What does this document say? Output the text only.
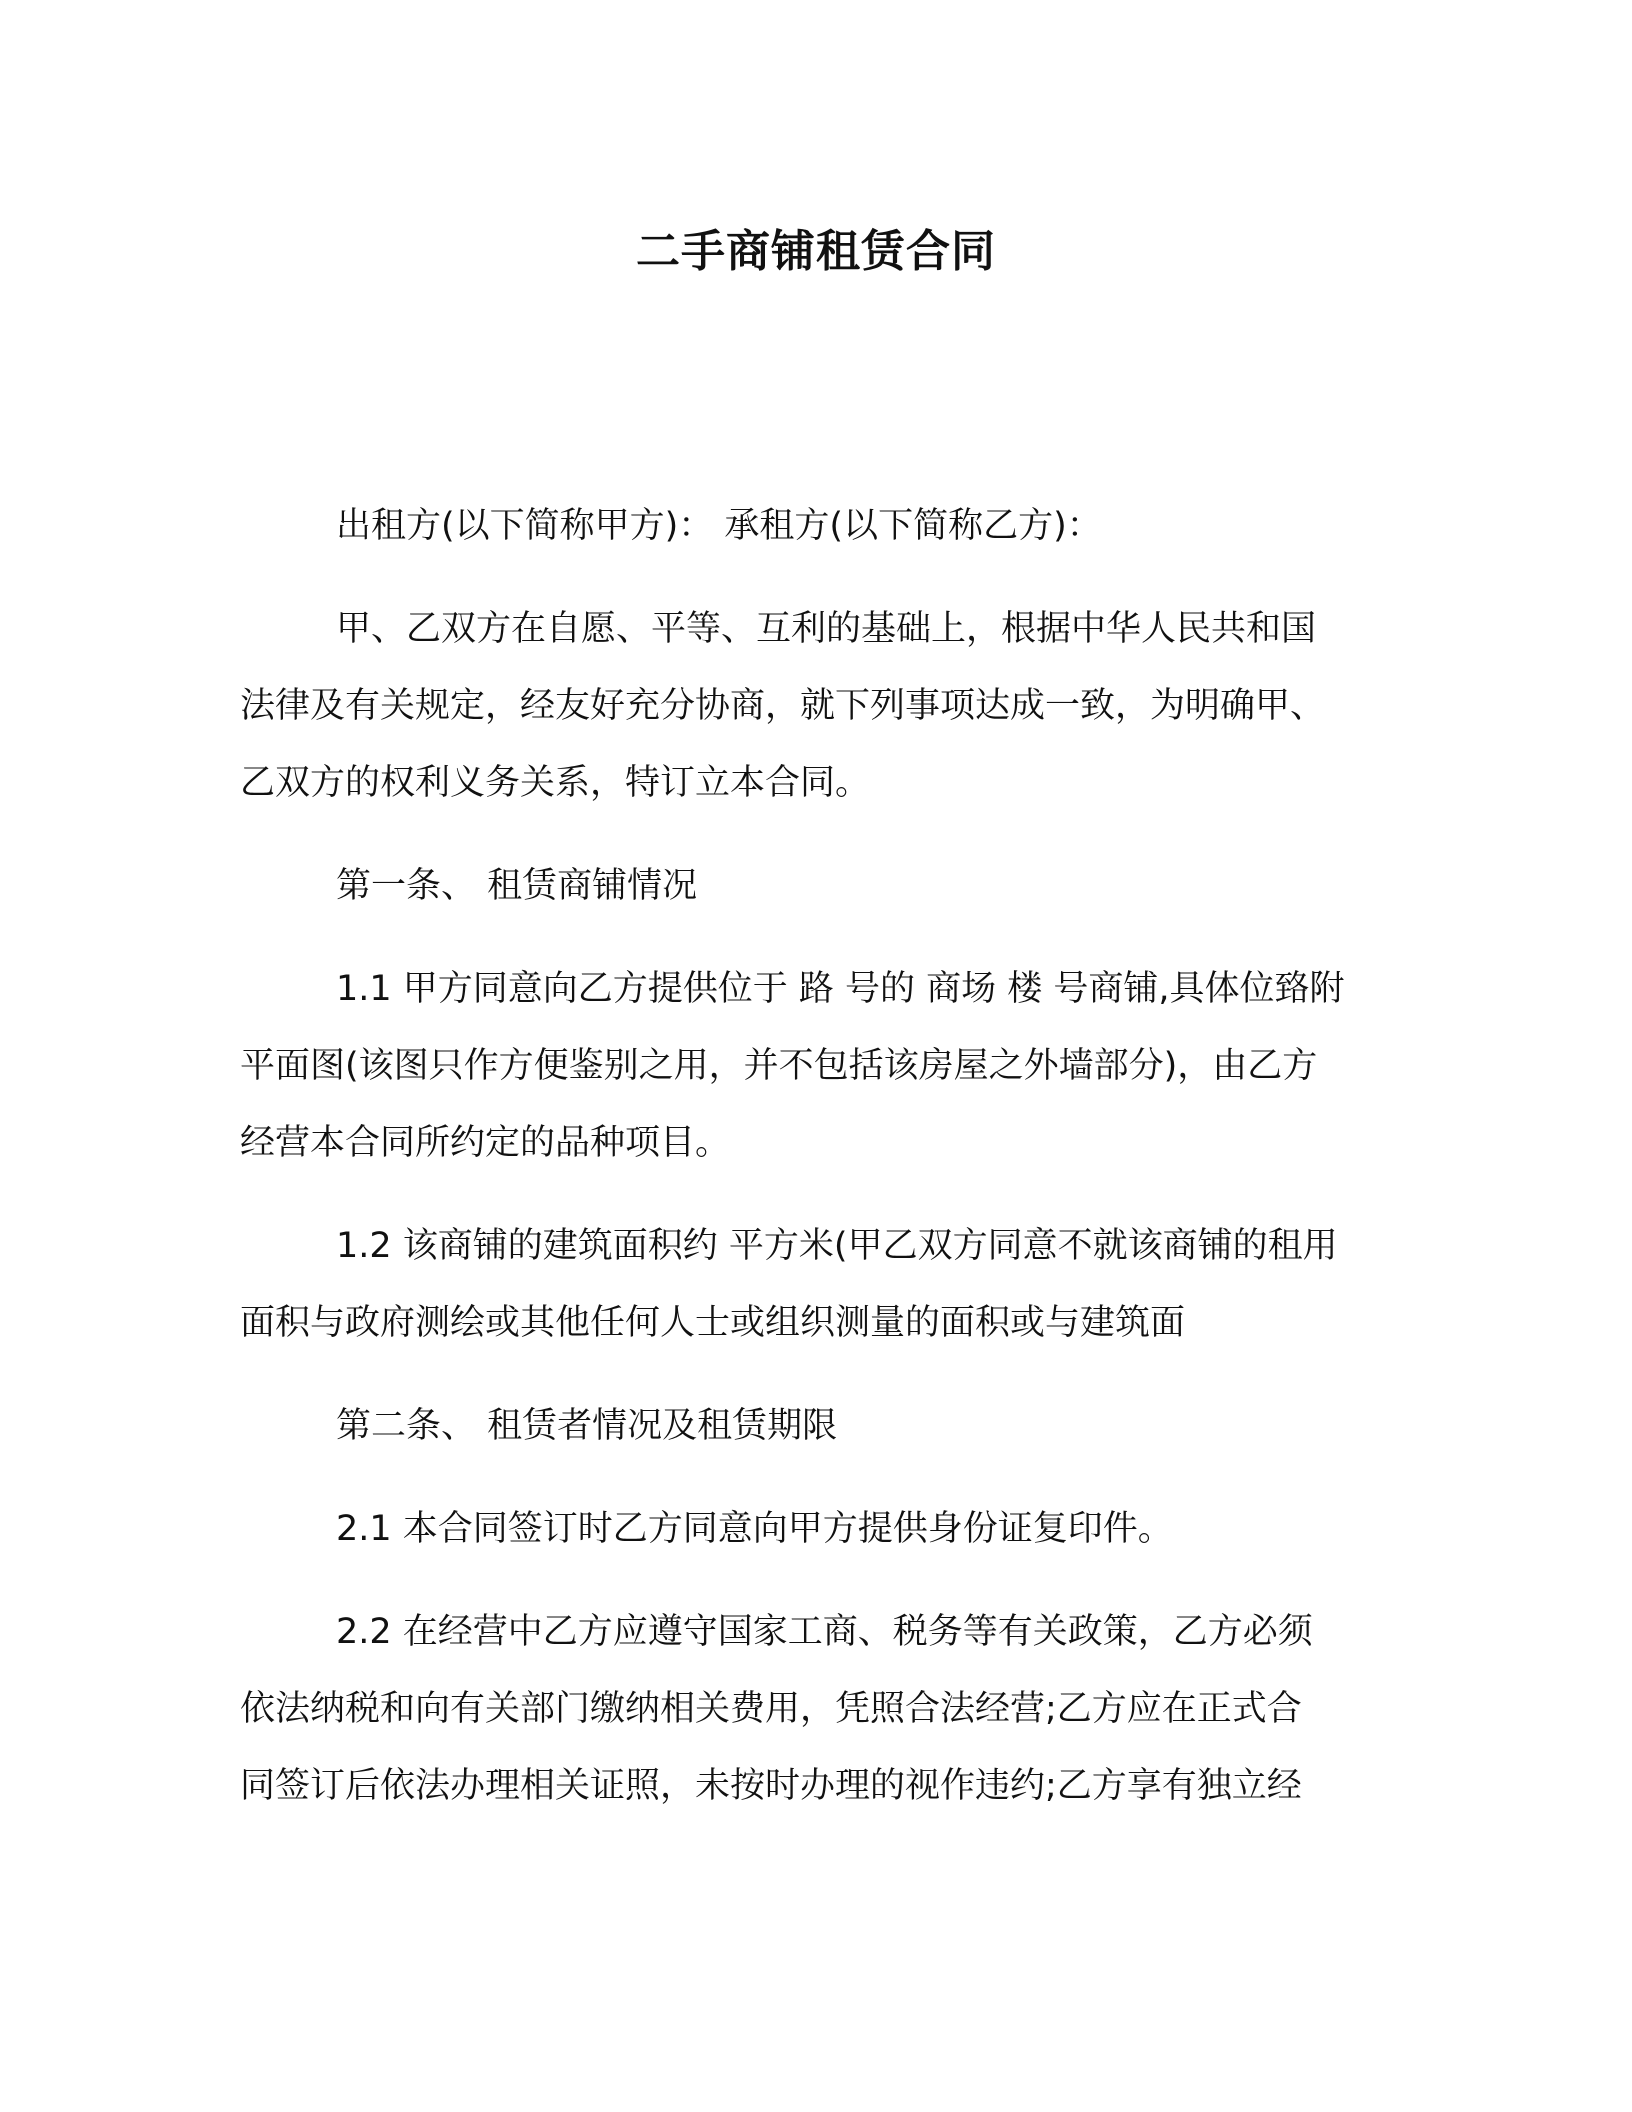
二手商铺租赁合同

出租方(以下简称甲方)： 承租方(以下简称乙方)：

甲、乙双方在自愿、平等、互利的基础上，根据中华人民共和国
法律及有关规定，经友好充分协商，就下列事项达成一致，为明确甲、
乙双方的权利义务关系，特订立本合同。

第一条、 租赁商铺情况

1.1 甲方同意向乙方提供位于 路 号的 商场 楼 号商铺,具体位臵附
平面图(该图只作方便鉴别之用，并不包括该房屋之外墙部分)，由乙方
经营本合同所约定的品种项目。

1.2 该商铺的建筑面积约 平方米(甲乙双方同意不就该商铺的租用
面积与政府测绘或其他任何人士或组织测量的面积或与建筑面

第二条、 租赁者情况及租赁期限

2.1 本合同签订时乙方同意向甲方提供身份证复印件。

2.2 在经营中乙方应遵守国家工商、税务等有关政策，乙方必须
依法纳税和向有关部门缴纳相关费用，凭照合法经营;乙方应在正式合
同签订后依法办理相关证照，未按时办理的视作违约;乙方享有独立经
